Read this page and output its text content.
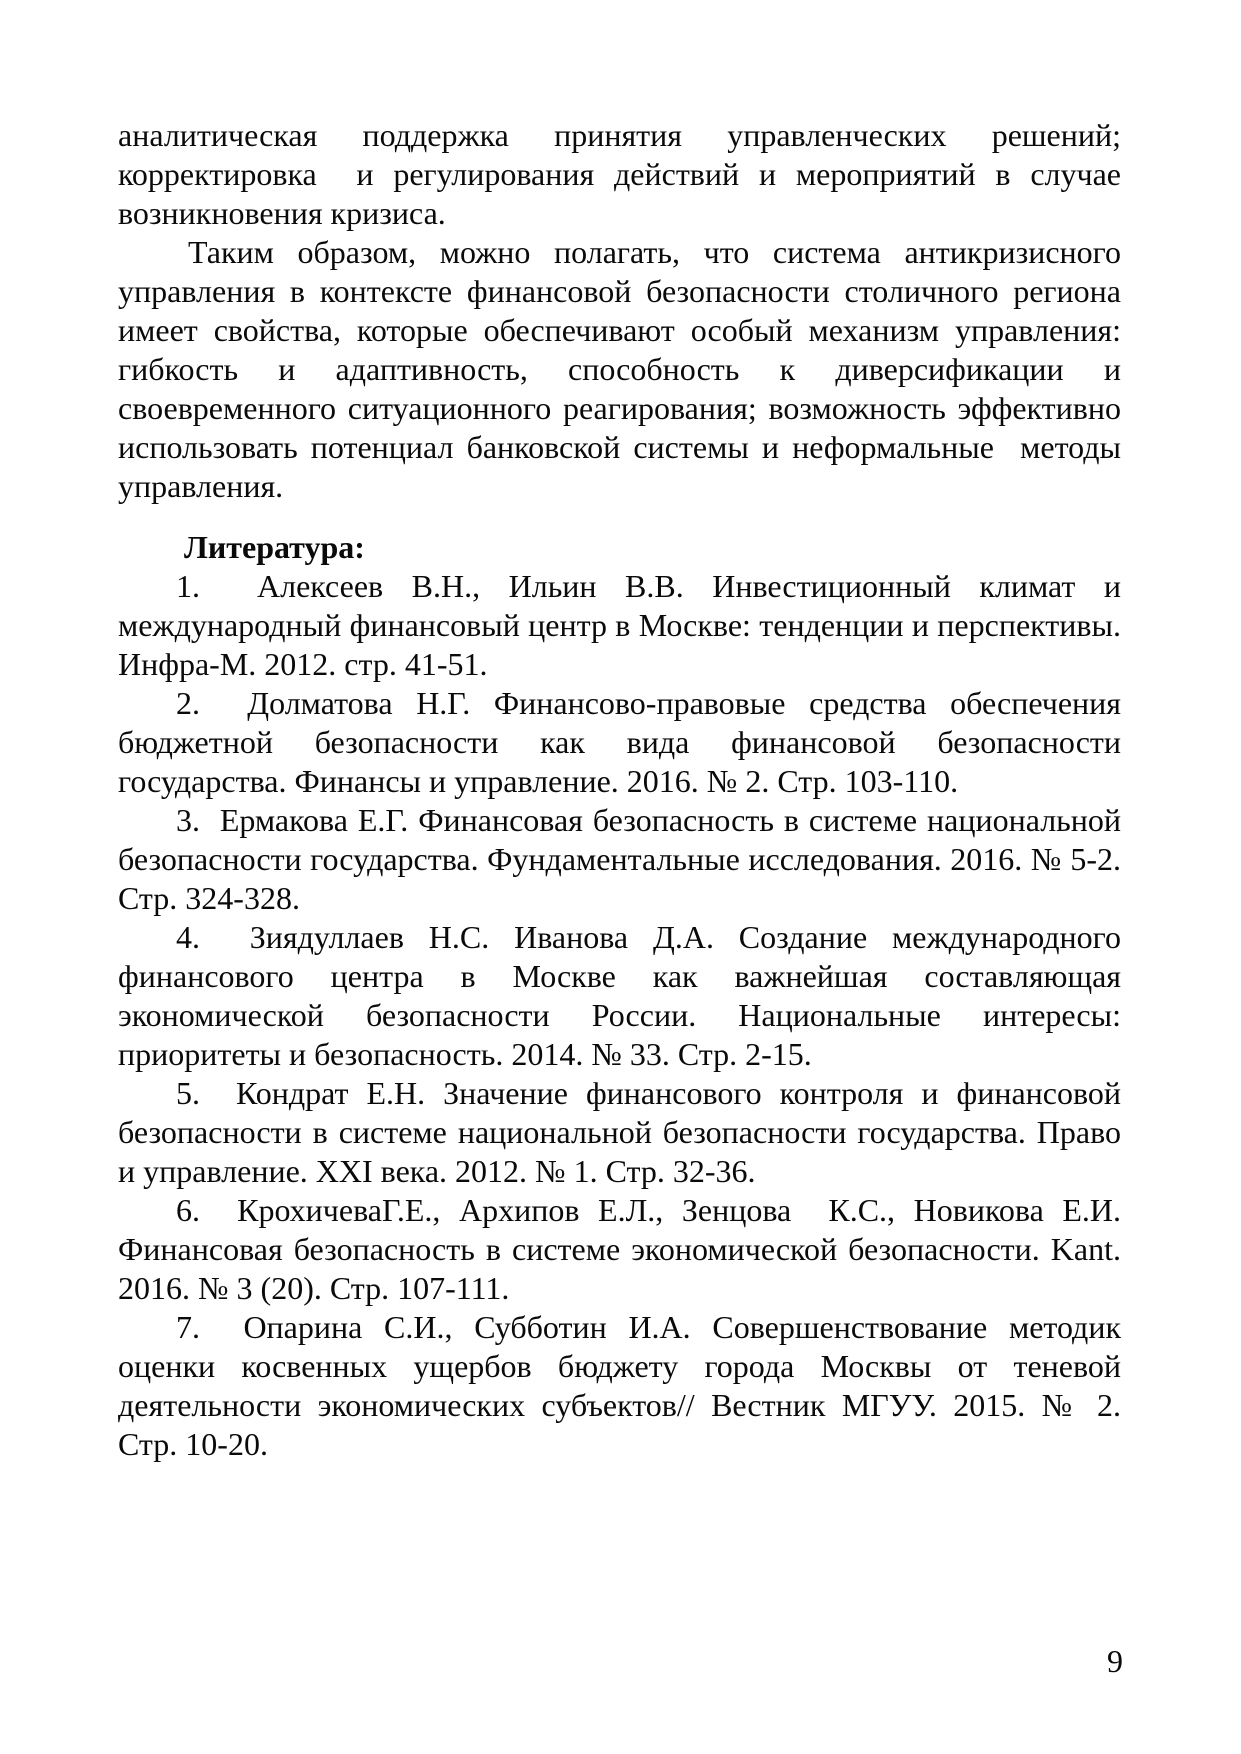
аналитическая поддержка принятия управленческих решений; корректировка  и регулирования действий и мероприятий в случае возникновения кризиса.

Таким образом, можно полагать, что система антикризисного управления в контексте финансовой безопасности столичного региона имеет свойства, которые обеспечивают особый механизм управления: гибкость и адаптивность, способность к диверсификации и своевременного ситуационного реагирования; возможность эффективно использовать потенциал банковской системы и неформальные  методы управления.

Литература:

1.  Алексеев В.Н., Ильин В.В. Инвестиционный климат и международный финансовый центр в Москве: тенденции и перспективы. Инфра-М. 2012. стр. 41-51.

2.  Долматова Н.Г. Финансово-правовые средства обеспечения бюджетной безопасности как вида финансовой безопасности государства. Финансы и управление. 2016. № 2. Стр. 103-110.

3.  Ермакова Е.Г. Финансовая безопасность в системе национальной безопасности государства. Фундаментальные исследования. 2016. № 5-2. Стр. 324-328.

4.  Зиядуллаев Н.С. Иванова Д.А. Создание международного финансового центра в Москве как важнейшая составляющая экономической безопасности России. Национальные интересы: приоритеты и безопасность. 2014. № 33. Стр. 2-15.

5.  Кондрат Е.Н. Значение финансового контроля и финансовой безопасности в системе национальной безопасности государства. Право и управление. XXI века. 2012. № 1. Стр. 32-36.

6.  КрохичеваГ.Е., Архипов Е.Л., Зенцова  К.С., Новикова Е.И. Финансовая безопасность в системе экономической безопасности. Kant. 2016. № 3 (20). Стр. 107-111.

7.  Опарина С.И., Субботин И.А. Совершенствование методик оценки косвенных ущербов бюджету города Москвы от теневой деятельности экономических субъектов// Вестник МГУУ. 2015. № 2. Стр. 10-20.

9
